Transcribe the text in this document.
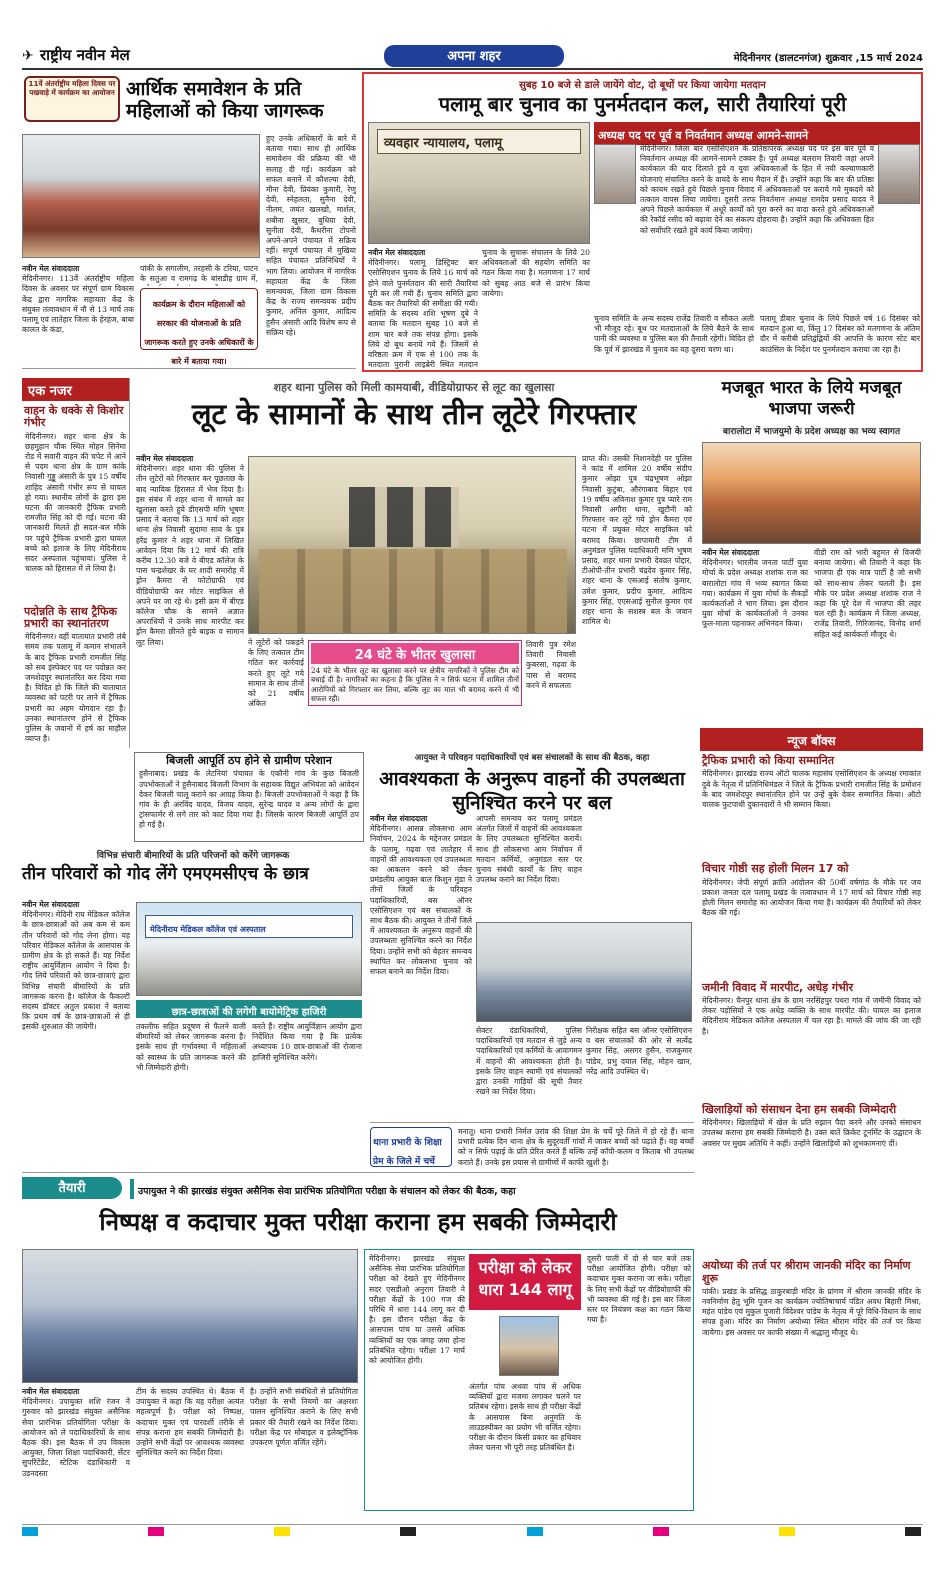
✈ राष्ट्रीय नवीन मेल	अपना शहर	मेदिनीनगर (डालटनगंज) शुक्रवार ,15 मार्च 2024
11वें अंतर्राष्ट्रीय महिला दिवस पर पखवाड़े में कार्यक्रम का आयोजन आर्थिक समावेशन के प्रति महिलाओं को किया जागरूक
नवीन मेल संवाददाता
मेदिनीनगर। 113वें अंतर्राष्ट्रीय महिला दिवस के अवसर पर संपूर्ण ग्राम विकास केंद्र द्वारा नागरिक सहायता केंद्र के संयुक्त तत्वावधान में नौ से 13 मार्च तक पलामू एवं लातेहार जिला के हेरहंज, बाबा कालत के कंडा,
कार्यक्रम के दौरान महिलाओं को सरकार की योजनाओं के प्रति जागरूक करते हुए उनके अधिकारों के बारे में बताया गया।
पांकी के सगालीम, तरहसी के टरिया, पाटन के सतुआ व रामगढ़ के बांसडीह ग्राम में,
हुए उनके अधिकारों के बारे में बताया गया। साथ ही आर्थिक समावेशन की प्रक्रिया की भी सलाह दी गई। कार्यक्रम को सफल बनाने में कौशल्या देवी, मीना देवी, प्रियंका कुमारी, रेणु देवी, स्नेहलता, सुनैना देवी, नीलम, जयंत खलखो, मार्शल, शबीना खुसार, बुधिया देवी, सुनीता देवी, कैथरीना टोपनो अपने-अपने पंचायत में सक्रिय रहीं। सपूर्ण पंचायत में मुखिया सहित पंचायत प्रतिनिधियों ने भाग लिया। आयोजन में नागरिक सहायता केंद्र के जिला समन्वयक, जिला ग्राम विकास केंद्र के राज्य समन्वयक प्रदीप कुमार, अनिल कुमार, आदित्य हुसैन अंसारी आदि विशेष रूप से सक्रिय रहे।
सुबह 10 बजे से डाले जायेंगे वोट, दो बूथों पर किया जायेगा मतदान
पलामू बार चुनाव का पुनर्मतदान कल, सारी तैयारियां पूरी
व्यवहार न्यायालय, पलामू
नवीन मेल संवाददाता
मेदिनीनगर। पलामू डिस्ट्रिक्ट बार एसोसिएशन चुनाव के लिये 16 मार्च को होने वाले पुनर्मतदान की सारी तैयारियां पूरी कर ली गयी हैं। चुनाव समिति द्वारा बैठक कर तैयारियों की समीक्षा की गयी। समिति के सदस्य शशि भूषण दुबे ने बताया कि मतदान सुबह 10 बजे से शाम चार बजे तक संपन्न होगा। इसके लिये दो बूथ बनाये गये हैं। जिसमें से वरिष्ठता क्रम में एक से 100 तक के मतदाता पुरानी लाइब्रेरी स्थित मतदान
चुनाव के सुचारू संचालन के लिये 20 अधिवक्ताओं की सहयोग समिति का गठन किया गया है। मतगणना 17 मार्च को सुबह आठ बजे से प्रारंभ किया जायेगा।
अध्यक्ष पद पर पूर्व व निवर्तमान अध्यक्ष आमने-सामने
मेदिनीनगर। जिला बार एसोसिएशन के प्रतिष्ठापरक अध्यक्ष पद पर इस बार पूर्व व निवर्तमान अध्यक्ष की आमने-सामने टक्कर है। पूर्व अध्यक्ष बलराम तिवारी जहां अपने कार्यकाल की याद दिलाते हुये व युवा अधिवक्ताओं के हित में नयी कल्याणकारी योजनाएं संचालित करने के वायदे के साथ मैदान में हैं। उन्होंने कहा कि बार की प्रतिष्ठा को कायम रखते हुये पिछले चुनाव विवाद में अधिवक्ताओं पर कराये गये मुकदमे को तत्काल वापस लिया जायेगा। दूसरी तरफ निवर्तमान अध्यक्ष रामदेव प्रसाद यादव ने अपने पिछले कार्यकाल में अधूरे कार्यों को पूरा करने का वादा करते हुये अधिवक्ताओं की रेकॉर्ड रसीद को बढ़ावा देने का संकल्प दोहराया है। उन्होंने कहा कि अधिवक्ता हित को सर्वोपरि रखते हुये कार्य किया जायेगा।
चुनाव समिति के अन्य सदस्य राजेंद्र तिवारी व सौकत अली भी मौजूद रहे। बूथ पर मतदाताओं के लिये बैठने के साथ पानी की व्यवस्था व पुलिस बल की तैनाती रहेगी। विदित हो कि पूर्व में झारखंड में चुनाव का यह दूसरा चरण था।
पलामू डीबार चुनाव के लिये पिछले वर्ष 16 दिसंबर को मतदान हुआ था, किंतु 17 दिसंबर को मतगणना के अंतिम दौर में करीबी प्रतिद्वंद्वियों की आपत्ति के कारण स्टेट बार काउंसिल के निर्देश पर पुनर्मतदान कराया जा रहा है।
एक नजर
वाहन के धक्के से किशोर गंभीर
मेदिनीनगर। शहर थाना क्षेत्र के छहमुहान चौक स्थित मोहन सिनेमा रोड में सवारी वाहन की चपेट में आने से पदम थाना क्षेत्र के ग्राम कांके निवासी गुड्डू अंसारी के पुत्र 15 वर्षीय शाहिद अंसारी गंभीर रूप से घायल हो गया। स्थानीय लोगों के द्वारा इस घटना की जानकारी ट्रैफिक प्रभारी रामजीत सिंह को दी गई। घटना की जानकारी मिलते ही सदल-बल मौके पर पहुंचे ट्रैफिक प्रभारी द्वारा घायल बच्चे को इलाज के लिए मेदिनीराय सदर अस्पताल पहुंचाया। पुलिस ने चालक को हिरासत में ले लिया है।
पदोन्नति के साथ ट्रैफिक प्रभारी का स्थानांतरण
मेदिनीनगर। वहीं यातायात प्रभारी लंबे समय तक पलामू में कमान संभालने के बाद ट्रैफिक प्रभारी रामजीत सिंह को सब इंस्पेक्टर पद पर पदोन्नत कर जमशेदपुर स्थानांतरित कर दिया गया है। विदित हो कि जिले की यातायात व्यवस्था को पटरी पर लाने में ट्रैफिक प्रभारी का अहम योगदान रहा है। उनका स्थानांतरण होने से ट्रैफिक पुलिस के जवानों में हर्ष का माहौल व्याप्त है।
शहर थाना पुलिस को मिली कामयाबी, वीडियोग्राफर से लूट का खुलासा
लूट के सामानों के साथ तीन लूटेरे गिरफ्तार
नवीन मेल संवाददाता
मेदिनीनगर। शहर थाना की पुलिस ने तीन लुटेरों को गिरफ्तार कर पूछताछ के बाद न्यायिक हिरासत में भेज दिया है। इस संबंध में शहर थाना में मामले का खुलासा करते हुये डीएसपी मणि भूषण प्रसाद ने बताया कि 13 मार्च को शहर थाना क्षेत्र निवासी सुदामा साव के पुत्र हरेंद्र कुमार ने शहर थाना में लिखित आवेदन दिया कि 12 मार्च की रात्रि करीब 12.30 बजे वे बीएड कॉलेज के पास चन्द्रशेखर के घर शादी समारोह में ड्रोन कैमरा से फोटोग्राफी एवं वीडियोग्राफी कर मोटर साइकिल से अपने घर जा रहे थे। इसी क्रम में बीएड कॉलेज चौक के सामने अज्ञात अपराधियों ने उनके साथ मारपीट कर ड्रोन कैमरा छीनते हुये बाइक व सामान लूट लिया।	ने लूटेरों को पकड़ने के लिए तत्काल टीम गठित कर कार्रवाई करते हुए लूटे गये सामान के साथ तीनों को 21 वर्षीय अंकित
24 घंटे के भीतर खुलासा
24 घंटे के भीतर लूट का खुलासा करने पर क्षेत्रीय नागरिकों ने पुलिस टीम को बधाई दी है। नागरिकों का कहना है कि पुलिस ने न सिर्फ घटना में शामिल तीनों आरोपियों को गिरफ्तार कर लिया, बल्कि लूट का माल भी बरामद करने में भी सफल रही।
तिवारी पुत्र रमेश तिवारी निवासी कुबरसा, गढ़वा के पास से बरामद करने में सफलता
प्राप्त की। उसकी निशानदेही पर पुलिस ने कांड में शामिल 20 वर्षीय संदीप कुमार ओझा पुत्र चंद्रभूषण ओझा निवासी कुटुंबा, औरंगाबाद बिहार एवं 19 वर्षीय अविनाश कुमार पुत्र प्यारे राम निवासी अगौरा थाना, खुटौनी को गिरफ्तार कर लूटे गये ड्रोन कैमरा एवं घटना में प्रयुक्त मोटर साइकिल को बरामद किया। छापामारी टीम में अनुमंडल पुलिस पदाधिकारी मणि भूषण प्रसाद, शहर थाना प्रभारी देवव्रत पोद्दार, टीओपी-तीन प्रभारी चंद्रदेव कुमार सिंह, शहर थाना के एसआई संतोष कुमार, उमेश कुमार, प्रदीप कुमार, आदित्य कुमार सिंह, एएसआई सुनील कुमार एवं शहर थाना के सशस्त्र बल के जवान शामिल थे।
मजबूत भारत के लिये मजबूत भाजपा जरूरी
बारालोटा में भाजयुमो के प्रदेश अध्यक्ष का भव्य स्वागत
नवीन मेल संवाददाता
मेदिनीनगर। भारतीय जनता पार्टी युवा मोर्चा के प्रदेश अध्यक्ष शशांक राज का बारालोटा गांव में भव्य स्वागत किया गया। कार्यक्रम में युवा मोर्चा के सैकड़ों कार्यकर्ताओं ने भाग लिया। इस दौरान युवा मोर्चा के कार्यकर्ताओं ने उनका फूल-माला पहनाकर अभिनंदन किया।
वीडी राम को भारी बहुमत से विजयी बनाया जायेगा। श्री तिवारी ने कहा कि भाजपा ही एक मात्र पार्टी है जो सभी को साथ-साथ लेकर चलती है। इस मौके पर प्रदेश अध्यक्ष शशांक राज ने कहा कि पूरे देश में भाजपा की लहर चल रही है। कार्यक्रम में जिला अध्यक्ष, राजेंद्र तिवारी, गिरिजानंद, विनोद शर्मा सहित कई कार्यकर्ता मौजूद थे।
बिजली आपूर्ति ठप होने से ग्रामीण परेशान
हुसैनाबाद। प्रखंड के लेटनियां पंचायत के एकौनी गांव के कुछ बिजली उपभोक्ताओं ने हुसैनाबाद बिजली विभाग के सहायक विद्युत अभियंता को आवेदन देकर बिजली चालू कराने का आग्रह किया है। बिजली उपभोक्ताओं ने कहा है कि गांव के ही अरविंद यादव, विजय यादव, सुरेन्द्र यादव व अन्य लोगों के द्वारा ट्रांसफार्मर से लगे तार को काट दिया गया है। जिसके कारण बिजली आपूर्ति ठप हो गई है।
आयुक्त ने परिवहन पदाधिकारियों एवं बस संचालकों के साथ की बैठक, कहा
आवश्यकता के अनुरूप वाहनों की उपलब्धता सुनिश्चित करने पर बल
नवीन मेल संवाददाता
मेदिनीनगर। आसन्न लोकसभा आम निर्वाचन, 2024 के मद्देनजर प्रमंडल के पलामू, गढ़वा एवं लातेहार में वाहनों की आवश्यकता एवं उपलब्धता का आकलन करने को लेकर प्रमंडलीय आयुक्त बाल किशुन मुंडा ने तीनों जिलों के परिवहन पदाधिकारियों, बस ऑनर एसोसिएशन एवं बस संचालकों के साथ बैठक की। आयुक्त ने तीनों जिले में आवश्यकता के अनुरूप वाहनों की उपलब्धता सुनिश्चित करने का निर्देश दिया। उन्होंने सभी को बेहतर समन्वय स्थापित कर लोकसभा चुनाव को सफल बनाने का निर्देश दिया।
आपसी समन्वय कर पलामू प्रमंडल अंतर्गत जिलों में वाहनों की आवश्यकता के लिए उपलब्धता सुनिश्चित करायें। साथ ही लोकसभा आम निर्वाचन में मतदान कर्मियों, अनुमंडल स्तर पर चुनाव संबंधी कार्यों के लिए वाहन उपलब्ध कराने का निर्देश दिया।
सेक्टर दंडाधिकारियों, पुलिस पदाधिकारियों एवं मतदान से जुड़े अन्य पदाधिकारियों एवं कर्मियों के आवागमन में वाहनों की आवश्यकता होती है। इसके लिए वाहन स्वामी एवं संचालकों द्वारा उनकी गाड़ियों की सूची तैयार रखने का निर्देश दिया।
निरीक्षक सहित बस ऑनर एसोसिएशन व बस संचालकों की ओर से सत्येंद्र कुमार सिंह, असगर हुसैन, राजकुमार पांडेय, प्रभु दयाल सिंह, मोहन खान, नरेंद्र आदि उपस्थित थे।
विभिन्न संचारी बीमारियों के प्रति परिजनों को करेंगे जागरूक
तीन परिवारों को गोद लेंगे एमएमसीएच के छात्र
नवीन मेल संवाददाता
मेदिनीनगर। मेदिनी राय मेडिकल कॉलेज के छात्र-छात्राओं को अब कम से कम तीन परिवारों को गोद लेना होगा। यह परिवार मेडिकल कॉलेज के आसपास के ग्रामीण क्षेत्र के हो सकते हैं। यह निर्देश राष्ट्रीय आयुर्विज्ञान आयोग ने दिया है। गोद लिये परिवारों को छात्र-छात्राएं द्वारा विभिन्न संचारी बीमारियों के प्रति जागरूक करना है। कॉलेज के फैकल्टी सदस्य डॉक्टर अतुल प्रकाश ने बताया कि प्रथम वर्ष के छात्र-छात्राओं से ही इसकी शुरुआत की जायेगी।
मेदिनीराय मेडिकल कॉलेज एवं अस्पताल
छात्र-छात्राओं की लगेगी बायोमेट्रिक हाजिरी
तकलीफ सहित प्रदूषण से फैलने वाली बीमारियों को लेकर जागरूक करना है। इसके साथ ही गर्भावस्था में महिलाओं को स्वास्थ्य के प्रति जागरूक करने की भी जिम्मेदारी होगी।
करते हैं। राष्ट्रीय आयुर्विज्ञान आयोग द्वारा निर्देशित किया गया है कि प्रत्येक अध्यापक 10 छात्र-छात्राओं की रोजाना हाजिरी सुनिश्चित करेंगे।
थाना प्रभारी के शिक्षा प्रेम के जिले में चर्चे
मनातू। थाना प्रभारी निर्मल उरांव की शिक्षा प्रेम के चर्चे पूरे जिले में हो रहे हैं। थाना प्रभारी प्रत्येक दिन थाना क्षेत्र के सुदूरवर्ती गांवों में जाकर बच्चों को पढ़ाते हैं। वह बच्चों को न सिर्फ पढ़ाई के प्रति प्रेरित करते हैं बल्कि उन्हें कॉपी-कलम व किताब भी उपलब्ध कराते हैं। उनके इस प्रयास से ग्रामीणों में काफी खुशी है।
न्यूज बॉक्स
ट्रैफिक प्रभारी को किया सम्मानित
मेदिनीनगर। झारखंड राज्य ऑटो चालक महासंघ एसोसिएशन के अध्यक्ष रमाकांत दुबे के नेतृत्व में प्रतिनिधिमंडल ने जिले के ट्रैफिक प्रभारी रामजीत सिंह के प्रमोशन के बाद जमशेदपुर स्थानांतरित होने पर उन्हें बुके देकर सम्मानित किया। ऑटो चालक फुटपाथी दुकानदारों ने भी सम्मान किया।
विचार गोष्ठी सह होली मिलन 17 को
मेदिनीनगर। जेपी संपूर्ण क्रांति आंदोलन की 50वीं वर्षगांठ के मौके पर जय प्रकाश जनता दल पलामू प्रखंड के तत्वावधान में 17 मार्च को विचार गोष्ठी सह होली मिलन समारोह का आयोजन किया गया है। कार्यक्रम की तैयारियों को लेकर बैठक की गई।
जमीनी विवाद में मारपीट, अधेड़ गंभीर
मेदिनीनगर। चैनपुर थाना क्षेत्र के ग्राम नरसिंहपुर पथरा गांव में जमीनी विवाद को लेकर पड़ोसियों ने एक अधेड़ व्यक्ति के साथ मारपीट की। घायल का इलाज मेदिनीराय मेडिकल कॉलेज अस्पताल में चल रहा है। मामले की जांच की जा रही है।
खिलाड़ियों को संसाधन देना हम सबकी जिम्मेदारी
मेदिनीनगर। खिलाड़ियों में खेल के प्रति रुझान पैदा करने और उनको संसाधन उपलब्ध कराना हम सबकी जिम्मेदारी है। उक्त बातें क्रिकेट टूर्नामेंट के उद्घाटन के अवसर पर मुख्य अतिथि ने कहीं। उन्होंने खिलाड़ियों को शुभकामनाएं दीं।
अयोध्या की तर्ज पर श्रीराम जानकी मंदिर का निर्माण शुरू
पांकी। प्रखंड के प्रसिद्ध ठाकुरबाड़ी मंदिर के प्रांगण में श्रीराम जानकी मंदिर के नवनिर्माण हेतु भूमि पूजन का कार्यक्रम ज्योतिषाचार्य पंडित अवध बिहारी मिश्रा, महंत पांडेय एवं मुकुल पुजारी विंदेश्वर पांडेय के नेतृत्व में पूरे विधि-विधान के साथ संपन्न हुआ। मंदिर का निर्माण अयोध्या स्थित श्रीराम मंदिर की तर्ज पर किया जायेगा। इस अवसर पर काफी संख्या में श्रद्धालु मौजूद थे।
तैयारी	उपायुक्त ने की झारखंड संयुक्त असैनिक सेवा प्रारंभिक प्रतियोगिता परीक्षा के संचालन को लेकर की बैठक, कहा
निष्पक्ष व कदाचार मुक्त परीक्षा कराना हम सबकी जिम्मेदारी
नवीन मेल संवाददाता
मेदिनीनगर। उपायुक्त शशि रंजन ने गुरुवार को झारखंड संयुक्त असैनिक सेवा प्रारंभिक प्रतियोगिता परीक्षा के आयोजन को ले पदाधिकारियों के साथ बैठक की। इस बैठक में उप विकास आयुक्त, जिला शिक्षा पदाधिकारी, सेंटर सुपरिंटेंडेंट, स्टेटिक दंडाधिकारी व उड़नदस्ता
टीम के सदस्य उपस्थित थे। बैठक में उपायुक्त ने कहा कि यह परीक्षा अत्यंत महत्वपूर्ण है। परीक्षा को निष्पक्ष, कदाचार मुक्त एवं पारदर्शी तरीके से संपन्न कराना हम सबकी जिम्मेदारी है। उन्होंने सभी केंद्रों पर आवश्यक व्यवस्था सुनिश्चित करने का निर्देश दिया।
है। उन्होंने सभी संबंधितों से प्रतियोगिता परीक्षा के सभी नियमों का अक्षरशः पालन सुनिश्चित कराने के लिए सभी प्रकार की तैयारी रखने का निर्देश दिया। परीक्षा केंद्र पर मोबाइल व इलेक्ट्रॉनिक उपकरण पूर्णतः वर्जित रहेंगे।
मेदिनीनगर। झारखंड संयुक्त असैनिक सेवा प्रारंभिक प्रतियोगिता परीक्षा को देखते हुए मेदिनीनगर सदर एसडीओ अनुराग तिवारी ने परीक्षा केंद्रों के 100 गज की परिधि में धारा 144 लागू कर दी है। इस दौरान परीक्षा केंद्र के आसपास पांच या उससे अधिक व्यक्तियों का एक जगह जमा होना प्रतिबंधित रहेगा। परीक्षा 17 मार्च को आयोजित होगी।
परीक्षा को लेकर धारा 144 लागू
अंतर्गत पांच अथवा पांच से अधिक व्यक्तियों द्वारा मजमा लगाकर चलने पर प्रतिबंध रहेगा। इसके साथ ही परीक्षा केंद्रों के आसपास बिना अनुमति के लाउडस्पीकर का प्रयोग भी वर्जित रहेगा। परीक्षा के दौरान किसी प्रकार का हथियार लेकर चलना भी पूरी तरह प्रतिबंधित है।
दूसरी पाली में दो से चार बजे तक परीक्षा आयोजित होगी। परीक्षा को कदाचार मुक्त कराना जा सके। परीक्षा के लिए सभी केंद्रों पर वीडियोग्राफी की भी व्यवस्था की गई है। इस बार जिला स्तर पर नियंत्रण कक्ष का गठन किया गया है।
